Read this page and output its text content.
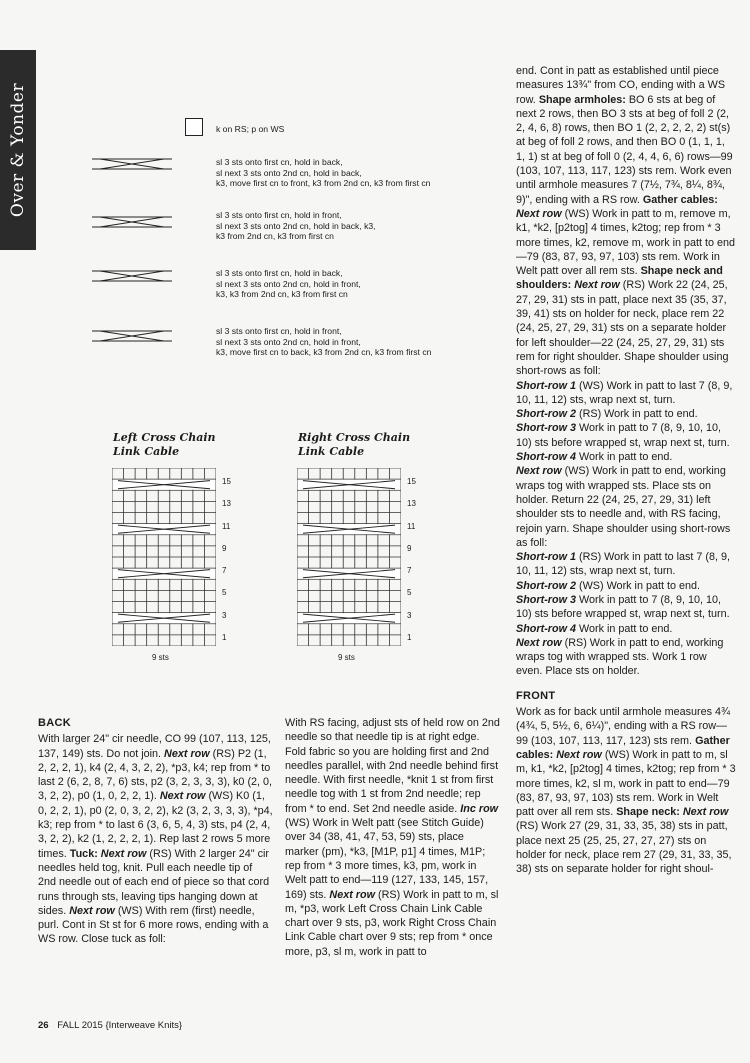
Over & Yonder	k on RS; p on WS
sl 3 sts onto first cn, hold in back,
sl next 3 sts onto 2nd cn, hold in back,
k3, move first cn to front, k3 from 2nd cn, k3 from first cn
sl 3 sts onto first cn, hold in front,
sl next 3 sts onto 2nd cn, hold in back, k3,
k3 from 2nd cn, k3 from first cn
sl 3 sts onto first cn, hold in back,
sl next 3 sts onto 2nd cn, hold in front,
k3, k3 from 2nd cn, k3 from first cn
sl 3 sts onto first cn, hold in front,
sl next 3 sts onto 2nd cn, hold in front,
k3, move first cn to back, k3 from 2nd cn, k3 from first cn
Left Cross Chain
Link Cable
Right Cross Chain
Link Cable
15
13
11
9
7
5
3
1
15
13
11
9
7
5
3
1
9 sts	9 sts
BACK

With larger 24" cir needle, CO 99 (107, 113, 125, 137, 149) sts. Do not join. Next row (RS) P2 (1, 2, 2, 2, 1), k4 (2, 4, 3, 2, 2), *p3, k4; rep from * to last 2 (6, 2, 8, 7, 6) sts, p2 (3, 2, 3, 3, 3), k0 (2, 0, 3, 2, 2), p0 (1, 0, 2, 2, 1). Next row (WS) K0 (1, 0, 2, 2, 1), p0 (2, 0, 3, 2, 2), k2 (3, 2, 3, 3, 3), *p4, k3; rep from * to last 6 (3, 6, 5, 4, 3) sts, p4 (2, 4, 3, 2, 2), k2 (1, 2, 2, 2, 1). Rep last 2 rows 5 more times. Tuck: Next row (RS) With 2 larger 24" cir needles held tog, knit. Pull each needle tip of 2nd needle out of each end of piece so that cord runs through sts, leaving tips hanging down at sides. Next row (WS) With rem (first) needle, purl. Cont in St st for 6 more rows, ending with a WS row. Close tuck as foll:

With RS facing, adjust sts of held row on 2nd needle so that needle tip is at right edge. Fold fabric so you are holding first and 2nd needles parallel, with 2nd needle behind first needle. With first needle, *knit 1 st from first needle tog with 1 st from 2nd needle; rep from * to end. Set 2nd needle aside. Inc row (WS) Work in Welt patt (see Stitch Guide) over 34 (38, 41, 47, 53, 59) sts, place marker (pm), *k3, [M1P, p1] 4 times, M1P; rep from * 3 more times, k3, pm, work in Welt patt to end—119 (127, 133, 145, 157, 169) sts. Next row (RS) Work in patt to m, sl m, *p3, work Left Cross Chain Link Cable chart over 9 sts, p3, work Right Cross Chain Link Cable chart over 9 sts; rep from * once more, p3, sl m, work in patt to

end. Cont in patt as established until piece measures 13¾" from CO, ending with a WS row. Shape armholes: BO 6 sts at beg of next 2 rows, then BO 3 sts at beg of foll 2 (2, 2, 4, 6, 8) rows, then BO 1 (2, 2, 2, 2, 2) st(s) at beg of foll 2 rows, and then BO 0 (1, 1, 1, 1, 1) st at beg of foll 0 (2, 4, 4, 6, 6) rows—99 (103, 107, 113, 117, 123) sts rem. Work even until armhole measures 7 (7½, 7¾, 8¼, 8¾, 9)", ending with a RS row. Gather cables: Next row (WS) Work in patt to m, remove m, k1, *k2, [p2tog] 4 times, k2tog; rep from * 3 more times, k2, remove m, work in patt to end—79 (83, 87, 93, 97, 103) sts rem. Work in Welt patt over all rem sts. Shape neck and shoulders: Next row (RS) Work 22 (24, 25, 27, 29, 31) sts in patt, place next 35 (35, 37, 39, 41) sts on holder for neck, place rem 22 (24, 25, 27, 29, 31) sts on a separate holder for left shoulder—22 (24, 25, 27, 29, 31) sts rem for right shoulder. Shape shoulder using short-rows as foll:

Short-row 1 (WS) Work in patt to last 7 (8, 9, 10, 11, 12) sts, wrap next st, turn.

Short-row 2 (RS) Work in patt to end.

Short-row 3 Work in patt to 7 (8, 9, 10, 10, 10) sts before wrapped st, wrap next st, turn.

Short-row 4 Work in patt to end.

Next row (WS) Work in patt to end, working wraps tog with wrapped sts. Place sts on holder. Return 22 (24, 25, 27, 29, 31) left shoulder sts to needle and, with RS facing, rejoin yarn. Shape shoulder using short-rows as foll:

Short-row 1 (RS) Work in patt to last 7 (8, 9, 10, 11, 12) sts, wrap next st, turn.

Short-row 2 (WS) Work in patt to end.

Short-row 3 Work in patt to 7 (8, 9, 10, 10, 10) sts before wrapped st, wrap next st, turn.

Short-row 4 Work in patt to end.

Next row (RS) Work in patt to end, working wraps tog with wrapped sts. Work 1 row even. Place sts on holder.

FRONT

Work as for back until armhole measures 4¾ (4¾, 5, 5½, 6, 6¼)", ending with a RS row—99 (103, 107, 113, 117, 123) sts rem. Gather cables: Next row (WS) Work in patt to m, sl m, k1, *k2, [p2tog] 4 times, k2tog; rep from * 3 more times, k2, sl m, work in patt to end—79 (83, 87, 93, 97, 103) sts rem. Work in Welt patt over all rem sts. Shape neck: Next row (RS) Work 27 (29, 31, 33, 35, 38) sts in patt, place next 25 (25, 25, 27, 27, 27) sts on holder for neck, place rem 27 (29, 31, 33, 35, 38) sts on separate holder for right shoul-

26 FALL 2015 {Interweave Knits}
